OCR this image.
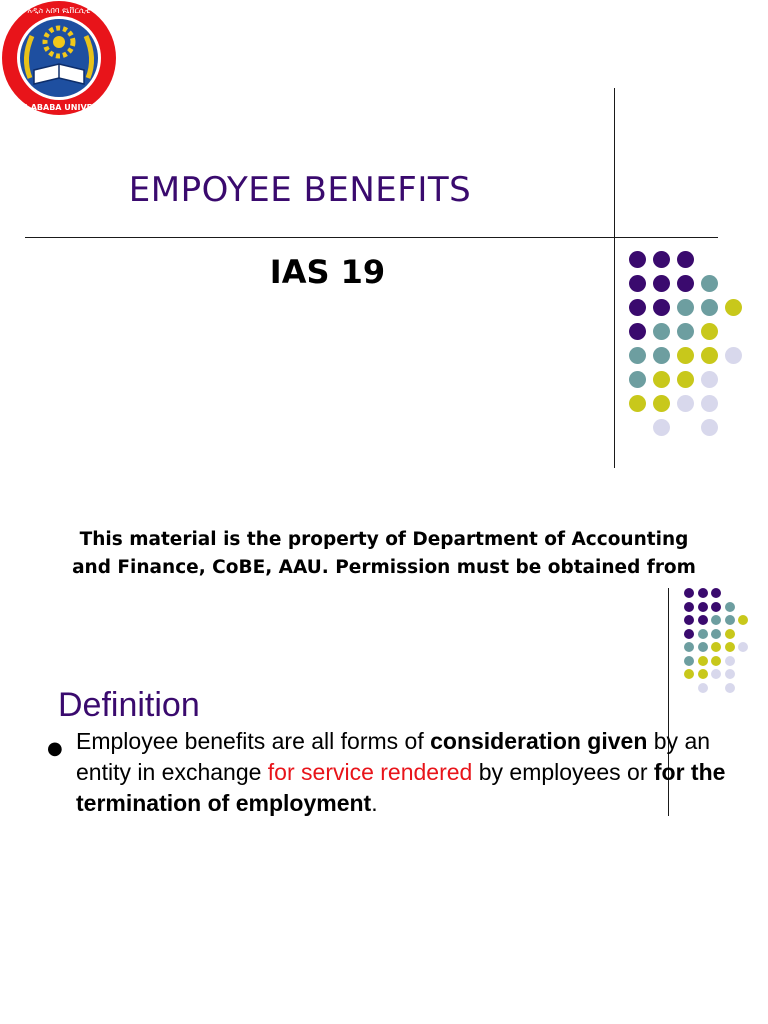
ADDIS ABABA UNIVERSITY
አዲስ አበባ ዩኒቨርሲቲ
EMPOYEE BENEFITS
IAS 19
This material is the property of Department of Accounting
and Finance, CoBE, AAU. Permission must be obtained from
Definition
● Employee benefits are all forms of consideration given by an entity in exchange for service rendered by employees or for the termination of employment.
